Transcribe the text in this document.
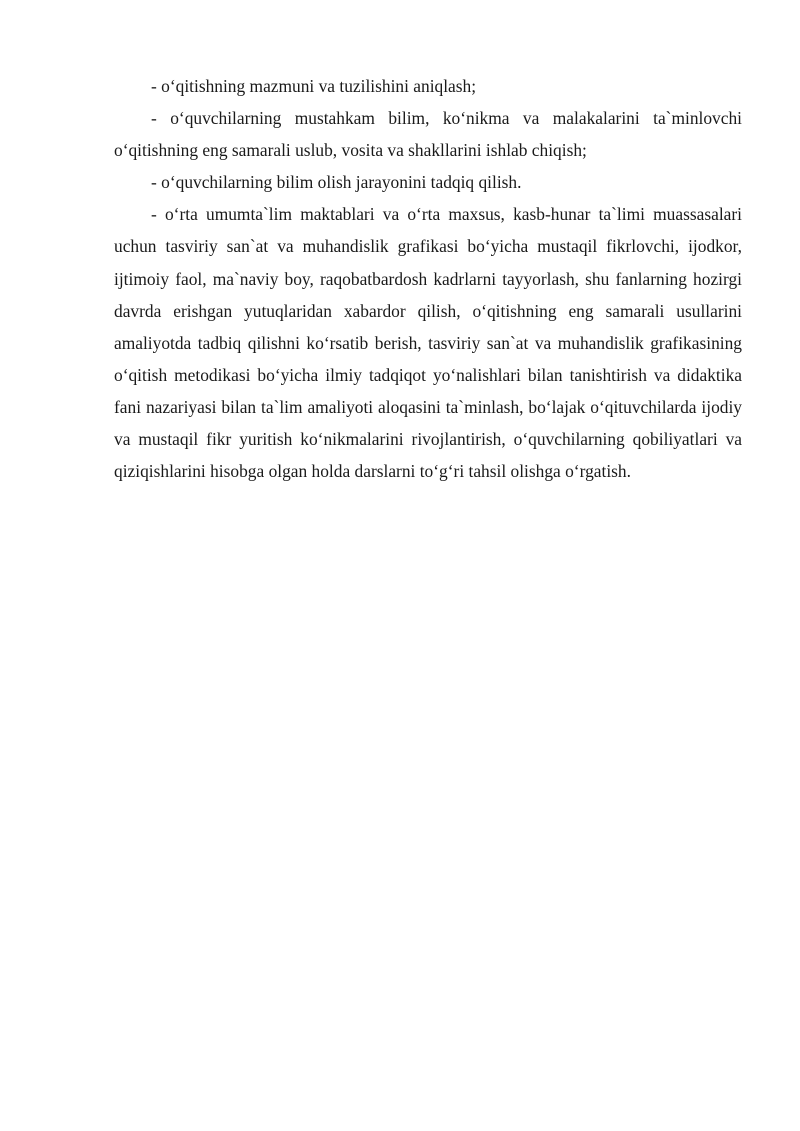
- o‘qitishning mazmuni va tuzilishini aniqlash;

- o‘quvchilarning mustahkam bilim, ko‘nikma va malakalarini ta`minlovchi o‘qitishning eng samarali uslub, vosita va shakllarini ishlab chiqish;

- o‘quvchilarning bilim olish jarayonini tadqiq qilish.

- o‘rta umumta`lim maktablari va o‘rta maxsus, kasb-hunar ta`limi muassasalari uchun tasviriy san`at va muhandislik grafikasi bo‘yicha mustaqil fikrlovchi, ijodkor, ijtimoiy faol, ma`naviy boy, raqobatbardosh kadrlarni tayyorlash, shu fanlarning hozirgi davrda erishgan yutuqlaridan xabardor qilish, o‘qitishning eng samarali usullarini amaliyotda tadbiq qilishni ko‘rsatib berish, tasviriy san`at va muhandislik grafikasining o‘qitish metodikasi bo‘yicha ilmiy tadqiqot yo‘nalishlari bilan tanishtirish va didaktika fani nazariyasi bilan ta`lim amaliyoti aloqasini ta`minlash, bo‘lajak o‘qituvchilarda ijodiy va mustaqil fikr yuritish ko‘nikmalarini rivojlantirish, o‘quvchilarning qobiliyatlari va qiziqishlarini hisobga olgan holda darslarni to‘g‘ri tahsil olishga o‘rgatish.
